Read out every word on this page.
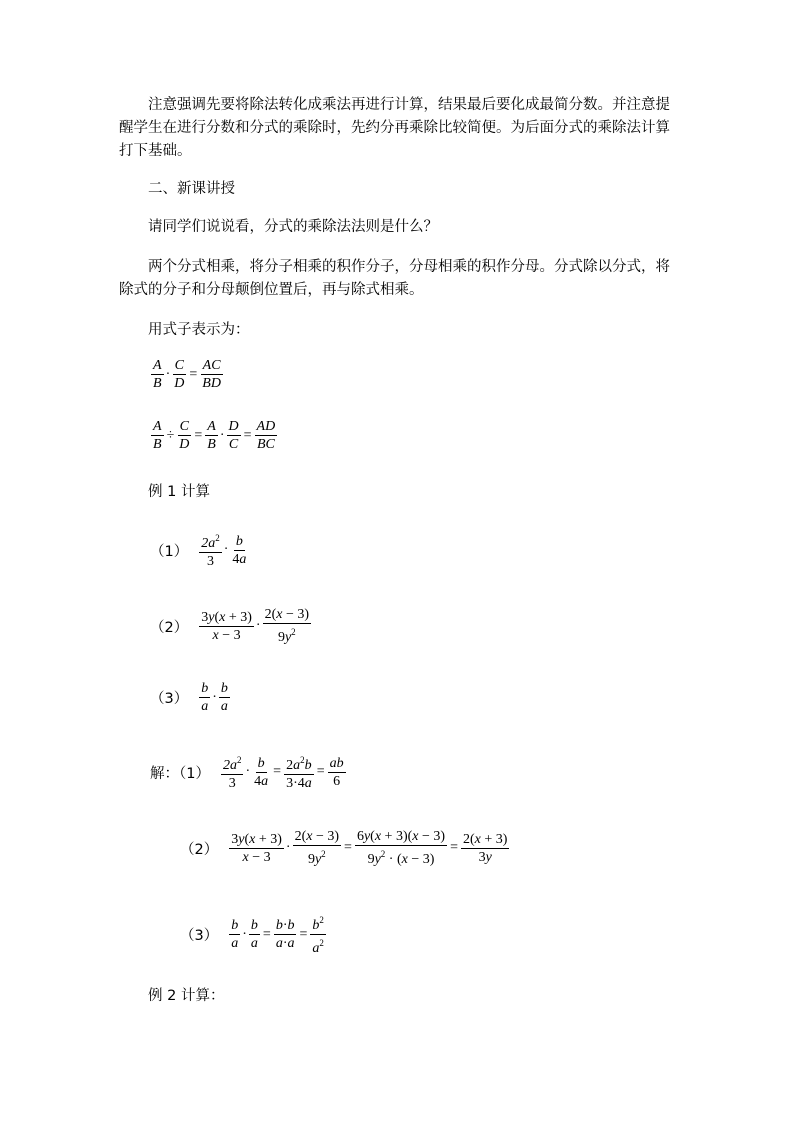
注意强调先要将除法转化成乘法再进行计算，结果最后要化成最简分数。并注意提醒学生在进行分数和分式的乘除时，先约分再乘除比较简便。为后面分式的乘除法计算打下基础。

二、新课讲授
请同学们说说看，分式的乘除法法则是什么？

两个分式相乘，将分子相乘的积作分子，分母相乘的积作分母。分式除以分式，将除式的分子和分母颠倒位置后，再与除式相乘。

用式子表示为：
$\frac{A}{B} \cdot \frac{C}{D} = \frac{AC}{BD}$
$\frac{A}{B} \div \frac{C}{D} = \frac{A}{B} \cdot \frac{D}{C} = \frac{AD}{BC}$
例 1 计算
$(1) \frac{2a^2}{3} \cdot \frac{b}{4a}$
$(2) \frac{3y(x + 3)}{x - 3} \cdot \frac{2(x - 3)}{9y^2}$
$(3) \frac{b}{a} \cdot \frac{b}{a}$
解：$(1) \frac{2a^2}{3} \cdot \frac{b}{4a} = \frac{2a^2b}{3\cdot 4a} = \frac{ab}{6}$
$(2) \frac{3y(x + 3)}{x - 3} \cdot \frac{2(x - 3)}{9y^2} = \frac{6y(x + 3)(x - 3)}{9y^2 \cdot (x - 3)} = \frac{2(x + 3)}{3y}$
$(3) \frac{b}{a} \cdot \frac{b}{a} = \frac{b\cdot b}{a\cdot a} = \frac{b^2}{a^2}$
例 2 计算：
